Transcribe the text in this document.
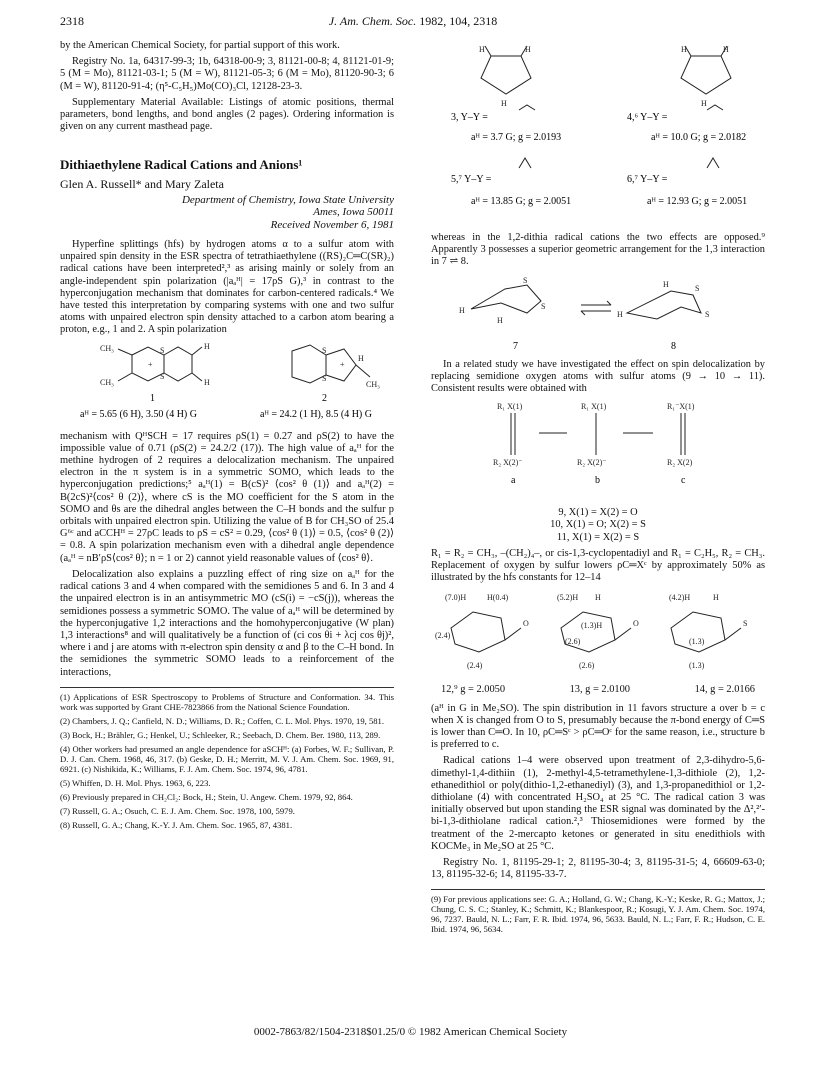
2318	J. Am. Chem. Soc. 1982, 104, 2318

by the American Chemical Society, for partial support of this work.

Registry No. 1a, 64317-99-3; 1b, 64318-00-9; 3, 81121-00-8; 4, 81121-01-9; 5 (M = Mo), 81121-03-1; 5 (M = W), 81121-05-3; 6 (M = Mo), 81120-90-3; 6 (M = W), 81120-91-4; (η⁵-C₅H₅)Mo(CO)₃Cl, 12128-23-3.

Supplementary Material Available: Listings of atomic positions, thermal parameters, bond lengths, and bond angles (2 pages). Ordering information is given on any current masthead page.

Dithiaethylene Radical Cations and Anions¹
Glen A. Russell* and Mary Zaleta
Department of Chemistry, Iowa State University
Ames, Iowa 50011
Received November 6, 1981

Hyperfine splittings (hfs) by hydrogen atoms α to a sulfur atom with unpaired spin density in the ESR spectra of tetrathiaethylene ((RS)₂C═C(SR)₂) radical cations have been interpreted²,³ as arising mainly or solely from an angle-independent spin polarization (|aₐᴴ| = 17ρS G),³ in contrast to the hyperconjugation mechanism that dominates for carbon-centered radicals.⁴ We have tested this interpretation by comparing systems with one and two sulfur atoms with unpaired electron spin density attached to a carbon atom bearing a proton, e.g., 1 and 2. A spin polarization

CH₃
CH₃
S
S
+
H
H
S
S
+
H
CH₃
1	2
aᴴ = 5.65 (6 H), 3.50 (4 H) G	aᴴ = 24.2 (1 H), 8.5 (4 H) G

mechanism with QᴴSCH = 17 requires ρS(1) = 0.27 and ρS(2) to have the impossible value of 0.71 (ρS(2) = 24.2/2 (17)). The high value of aₐᴴ for the methine hydrogen of 2 requires a delocalization mechanism. The unpaired electron in the π system is in a symmetric SOMO, which leads to the hyperconjugation predictions;⁵ aₐᴴ(1) = B(cS)² ⟨cos² θ (1)⟩ and aₐᴴ(2) = B(2cS)²⟨cos² θ (2)⟩, where cS is the MO coefficient for the S atom in the SOMO and θs are the dihedral angles between the C–H bonds and the sulfur p orbitals with unpaired electron spin. Utilizing the value of B for CH₃SO of 25.4 G⁶ᶜ and aCCHᴴ = 27ρC leads to ρS = cS² = 0.29, ⟨cos² θ (1)⟩ = 0.5, ⟨cos² θ (2)⟩ = 0.8. A spin polarization mechanism even with a dihedral angle dependence (aₐᴴ = nB′ρS⟨cos² θ⟩; n = 1 or 2) cannot yield reasonable values of ⟨cos² θ⟩.

Delocalization also explains a puzzling effect of ring size on aₐᴴ for the radical cations 3 and 4 when compared with the semidiones 5 and 6. In 3 and 4 the unpaired electron is in an antisymmetric MO (cS(i) = −cS(j)), whereas the semidiones possess a symmetric SOMO. The value of aₐᴴ will be determined by the hyperconjugative 1,2 interactions and the homohyperconjugative (W plan) 1,3 interactions⁸ and will qualitatively be a function of (ci cos θi + λcj cos θj)², where i and j are atoms with π-electron spin density α and β to the C–H bond. In the semidiones the symmetric SOMO leads to a reinforcement of the interactions,

(1) Applications of ESR Spectroscopy to Problems of Structure and Conformation. 34. This work was supported by Grant CHE-7823866 from the National Science Foundation.

(2) Chambers, J. Q.; Canfield, N. D.; Williams, D. R.; Coffen, C. L. Mol. Phys. 1970, 19, 581.

(3) Bock, H.; Brähler, G.; Henkel, U.; Schleeker, R.; Seebach, D. Chem. Ber. 1980, 113, 289.

(4) Other workers had presumed an angle dependence for aSCHᴴ: (a) Forbes, W. F.; Sullivan, P. D. J. Can. Chem. 1968, 46, 317. (b) Geske, D. H.; Merritt, M. V. J. Am. Chem. Soc. 1969, 91, 6921. (c) Nishikida, K.; Williams, F. J. Am. Chem. Soc. 1974, 96, 4781.

(5) Whiffen, D. H. Mol. Phys. 1963, 6, 223.

(6) Previously prepared in CH₂Cl₂: Bock, H.; Stein, U. Angew. Chem. 1979, 92, 864.

(7) Russell, G. A.; Osuch, C. E. J. Am. Chem. Soc. 1978, 100, 5979.

(8) Russell, G. A.; Chang, K.-Y. J. Am. Chem. Soc. 1965, 87, 4381.

H	H	H	H
H	H
3, Y–Y =
aᴴ = 3.7 G; g = 2.0193
4,⁶ Y–Y =
aᴴ = 10.0 G; g = 2.0182
5,⁷ Y–Y =
aᴴ = 13.85 G; g = 2.0051
6,⁷ Y–Y =
aᴴ = 12.93 G; g = 2.0051

whereas in the 1,2-dithia radical cations the two effects are opposed.⁹ Apparently 3 possesses a superior geometric arrangement for the 1,3 interaction in 7 ⇌ 8.

S
S
H
H
H	S
S
H
7	8

In a related study we have investigated the effect on spin delocalization by replacing semidione oxygen atoms with sulfur atoms (9 → 10 → 11). Consistent results were obtained with

R₁ X(1)	R₁ X(1)	R₁⁻X(1)
R₂ X(2)⁻	R₂ X(2)⁻	R₂ X(2)
a	b	c
9, X(1) = X(2) = O
10, X(1) = O; X(2) = S
11, X(1) = X(2) = S

R₁ = R₂ = CH₃, –(CH₂)₄–, or cis-1,3-cyclopentadiyl and R₁ = C₂H₅, R₂ = CH₃. Replacement of oxygen by sulfur lowers ρC═Xᶜ by approximately 50% as illustrated by the hfs constants for 12–14

(7.0)H	H(0.4)
(2.4)
(2.4)
(5.2)H H
(1.3)H
(2.6)
(2.6)
(4.2)H	H
(1.3)
(1.3)
O	O	S
12,⁹ g = 2.0050	13, g = 2.0100	14, g = 2.0166

(aᴴ in G in Me₂SO). The spin distribution in 11 favors structure a over b = c when X is changed from O to S, presumably because the π-bond energy of C═S is lower than C═O. In 10, ρC═Sᶜ > ρC═Oᶜ for the same reason, i.e., structure b is preferred to c.

Radical cations 1–4 were observed upon treatment of 2,3-dihydro-5,6-dimethyl-1,4-dithiin (1), 2-methyl-4,5-tetramethylene-1,3-dithiole (2), 1,2-ethanedithiol or poly(dithio-1,2-ethanediyl) (3), and 1,3-propanedithiol or 1,2-dithiolane (4) with concentrated H₂SO₄ at 25 °C. The radical cation 3 was initially observed but upon standing the ESR signal was dominated by the Δ²,²′-bi-1,3-dithiolane radical cation.²,³ Thiosemidiones were formed by the treatment of the 2-mercapto ketones or generated in situ enedithiols with KOCMe₃ in Me₂SO at 25 °C.

Registry No. 1, 81195-29-1; 2, 81195-30-4; 3, 81195-31-5; 4, 66609-63-0; 13, 81195-32-6; 14, 81195-33-7.

(9) For previous applications see: G. A.; Holland, G. W.; Chang, K.-Y.; Keske, R. G.; Mattox, J.; Chung, C. S. C.; Stanley, K.; Schmitt, K.; Blankespoor, R.; Kosugi, Y. J. Am. Chem. Soc. 1974, 96, 7237. Bauld, N. L.; Farr, F. R. Ibid. 1974, 96, 5633. Bauld, N. L.; Farr, F. R.; Hudson, C. E. Ibid. 1974, 96, 5634.

0002-7863/82/1504-2318$01.25/0 © 1982 American Chemical Society
